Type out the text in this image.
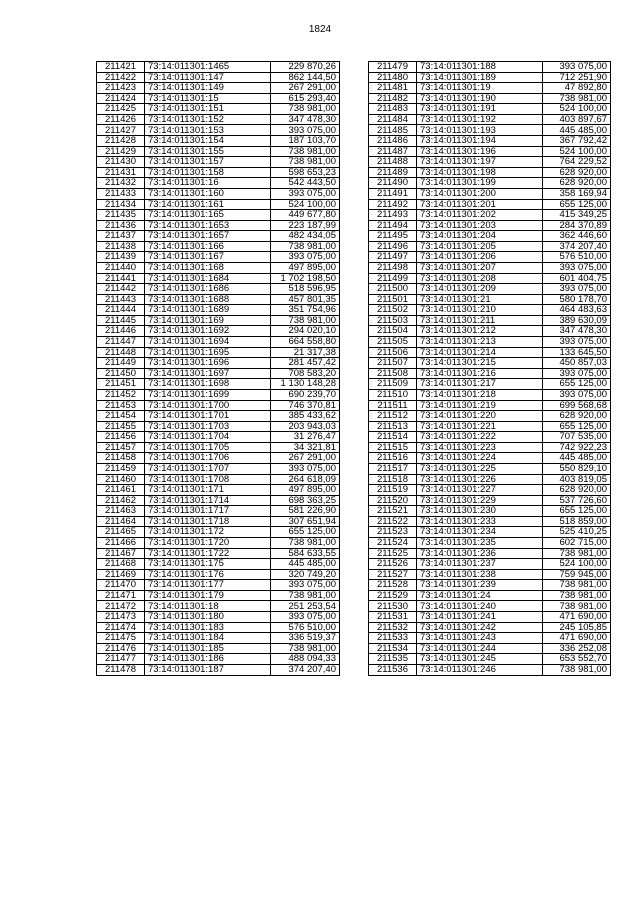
1824
211421	73:14:011301:1465	229 870,26
211422	73:14:011301:147	862 144,50
211423	73:14:011301:149	267 291,00
211424	73:14:011301:15	615 293,40
211425	73:14:011301:151	738 981,00
211426	73:14:011301:152	347 478,30
211427	73:14:011301:153	393 075,00
211428	73:14:011301:154	187 103,70
211429	73:14:011301:155	738 981,00
211430	73:14:011301:157	738 981,00
211431	73:14:011301:158	598 653,23
211432	73:14:011301:16	542 443,50
211433	73:14:011301:160	393 075,00
211434	73:14:011301:161	524 100,00
211435	73:14:011301:165	449 677,80
211436	73:14:011301:1653	223 187,99
211437	73:14:011301:1657	482 434,05
211438	73:14:011301:166	738 981,00
211439	73:14:011301:167	393 075,00
211440	73:14:011301:168	497 895,00
211441	73:14:011301:1684	1 702 198,50
211442	73:14:011301:1686	518 596,95
211443	73:14:011301:1688	457 801,35
211444	73:14:011301:1689	351 754,96
211445	73:14:011301:169	738 981,00
211446	73:14:011301:1692	294 020,10
211447	73:14:011301:1694	664 558,80
211448	73:14:011301:1695	21 317,38
211449	73:14:011301:1696	281 457,42
211450	73:14:011301:1697	708 583,20
211451	73:14:011301:1698	1 130 148,28
211452	73:14:011301:1699	690 239,70
211453	73:14:011301:1700	746 370,81
211454	73:14:011301:1701	385 433,62
211455	73:14:011301:1703	203 943,03
211456	73:14:011301:1704	31 276,47
211457	73:14:011301:1705	34 321,81
211458	73:14:011301:1706	267 291,00
211459	73:14:011301:1707	393 075,00
211460	73:14:011301:1708	264 618,09
211461	73:14:011301:171	497 895,00
211462	73:14:011301:1714	698 363,25
211463	73:14:011301:1717	581 226,90
211464	73:14:011301:1718	307 651,94
211465	73:14:011301:172	655 125,00
211466	73:14:011301:1720	738 981,00
211467	73:14:011301:1722	584 633,55
211468	73:14:011301:175	445 485,00
211469	73:14:011301:176	320 749,20
211470	73:14:011301:177	393 075,00
211471	73:14:011301:179	738 981,00
211472	73:14:011301:18	251 253,54
211473	73:14:011301:180	393 075,00
211474	73:14:011301:183	576 510,00
211475	73:14:011301:184	336 519,37
211476	73:14:011301:185	738 981,00
211477	73:14:011301:186	488 094,33
211478	73:14:011301:187	374 207,40
211479	73:14:011301:188	393 075,00
211480	73:14:011301:189	712 251,90
211481	73:14:011301:19	47 892,80
211482	73:14:011301:190	738 981,00
211483	73:14:011301:191	524 100,00
211484	73:14:011301:192	403 897,67
211485	73:14:011301:193	445 485,00
211486	73:14:011301:194	367 792,42
211487	73:14:011301:196	524 100,00
211488	73:14:011301:197	764 229,52
211489	73:14:011301:198	628 920,00
211490	73:14:011301:199	628 920,00
211491	73:14:011301:200	358 169,94
211492	73:14:011301:201	655 125,00
211493	73:14:011301:202	415 349,25
211494	73:14:011301:203	284 370,89
211495	73:14:011301:204	362 446,60
211496	73:14:011301:205	374 207,40
211497	73:14:011301:206	576 510,00
211498	73:14:011301:207	393 075,00
211499	73:14:011301:208	601 404,75
211500	73:14:011301:209	393 075,00
211501	73:14:011301:21	580 178,70
211502	73:14:011301:210	464 483,63
211503	73:14:011301:211	389 630,09
211504	73:14:011301:212	347 478,30
211505	73:14:011301:213	393 075,00
211506	73:14:011301:214	133 645,50
211507	73:14:011301:215	450 857,03
211508	73:14:011301:216	393 075,00
211509	73:14:011301:217	655 125,00
211510	73:14:011301:218	393 075,00
211511	73:14:011301:219	699 568,68
211512	73:14:011301:220	628 920,00
211513	73:14:011301:221	655 125,00
211514	73:14:011301:222	707 535,00
211515	73:14:011301:223	742 922,23
211516	73:14:011301:224	445 485,00
211517	73:14:011301:225	550 829,10
211518	73:14:011301:226	403 819,05
211519	73:14:011301:227	628 920,00
211520	73:14:011301:229	537 726,60
211521	73:14:011301:230	655 125,00
211522	73:14:011301:233	518 859,00
211523	73:14:011301:234	525 410,25
211524	73:14:011301:235	602 715,00
211525	73:14:011301:236	738 981,00
211526	73:14:011301:237	524 100,00
211527	73:14:011301:238	759 945,00
211528	73:14:011301:239	738 981,00
211529	73:14:011301:24	738 981,00
211530	73:14:011301:240	738 981,00
211531	73:14:011301:241	471 690,00
211532	73:14:011301:242	245 105,85
211533	73:14:011301:243	471 690,00
211534	73:14:011301:244	336 252,08
211535	73:14:011301:245	653 552,70
211536	73:14:011301:246	738 981,00
